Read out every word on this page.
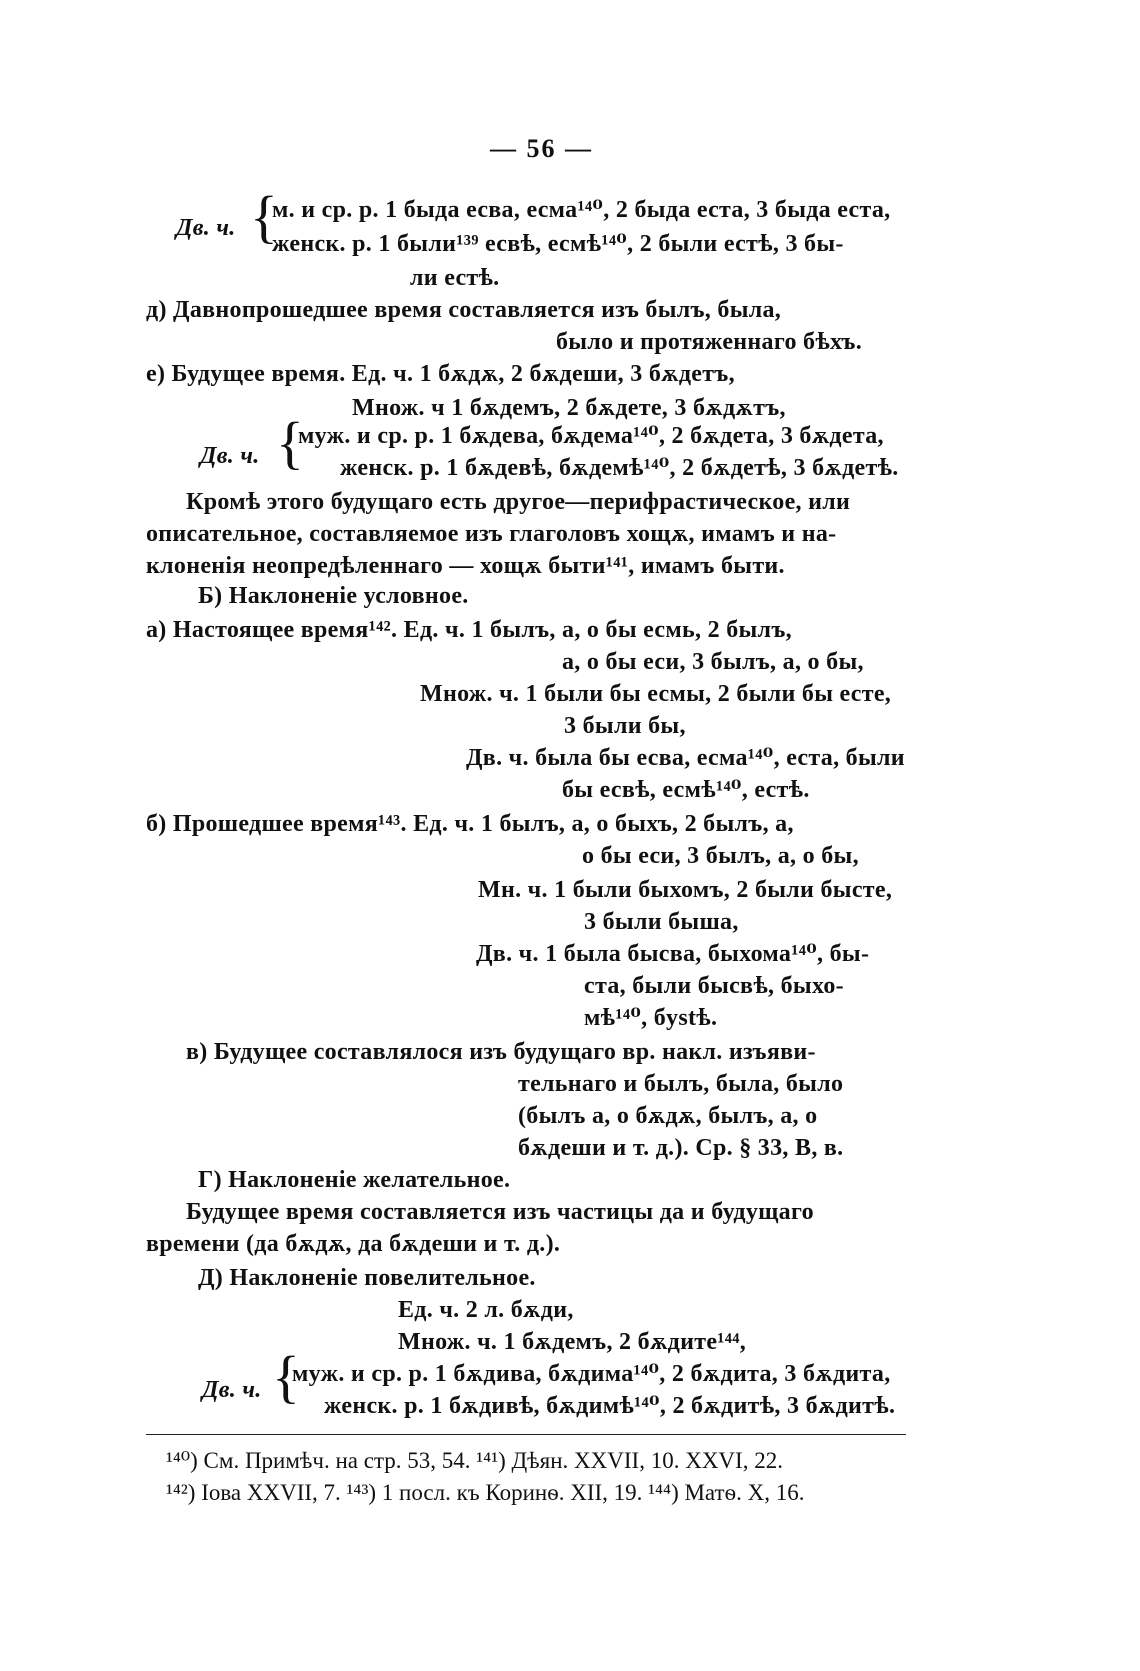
— 56 —
Дв. ч. {
м. и ср. р. 1 быда есва, есма¹⁴⁰, 2 быда еста, 3 быда еста,
женск. р. 1 были¹³⁹ есвѣ, есмѣ¹⁴⁰, 2 были естѣ, 3 бы-
ли естѣ.
д) Давнопрошедшее время составляется изъ былъ, была,
было и протяженнаго бѣхъ.
е) Будущее время. Ед. ч. 1 бѫдѫ, 2 бѫдеши, 3 бѫдетъ,
Множ. ч 1 бѫдемъ, 2 бѫдете, 3 бѫдѫтъ,
Дв. ч. {
муж. и ср. р. 1 бѫдева, бѫдема¹⁴⁰, 2 бѫдета, 3 бѫдета,
женск. р. 1 бѫдевѣ, бѫдемѣ¹⁴⁰, 2 бѫдетѣ, 3 бѫдетѣ.
Кромѣ этого будущаго есть другое—перифрастическое, или
описательное, составляемое изъ глаголовъ хощѫ, имамъ и на-
клоненія неопредѣленнаго — хощѫ быти¹⁴¹, имамъ быти.
Б) Наклоненіе условное.
а) Настоящее время¹⁴². Ед. ч. 1 былъ, а, о бы есмь, 2 былъ,
а, о бы еси, 3 былъ, а, о бы,
Множ. ч. 1 были бы есмы, 2 были бы есте,
3 были бы,
Дв. ч. была бы есва, есма¹⁴⁰, еста, были
бы есвѣ, есмѣ¹⁴⁰, естѣ.
б) Прошедшее время¹⁴³. Ед. ч. 1 былъ, а, о быхъ, 2 былъ, а,
о бы еси, 3 былъ, а, о бы,
Мн. ч. 1 были быхомъ, 2 были бысте,
3 были быша,
Дв. ч. 1 была бысва, быхома¹⁴⁰, бы-
ста, были бысвѣ, быхо-
мѣ¹⁴⁰, бystѣ.
в) Будущее составлялося изъ будущаго вр. накл. изъяви-
тельнаго и былъ, была, было
(былъ а, о бѫдѫ, былъ, а, о
бѫдеши и т. д.). Ср. § 33, В, в.
Г) Наклоненіе желательное.
Будущее время составляется изъ частицы да и будущаго
времени (да бѫдѫ, да бѫдеши и т. д.).
Д) Наклоненіе повелительное.
Ед. ч. 2 л. бѫди,
Множ. ч. 1 бѫдемъ, 2 бѫдите¹⁴⁴,
Дв. ч. {
муж. и ср. р. 1 бѫдива, бѫдима¹⁴⁰, 2 бѫдита, 3 бѫдита,
женск. р. 1 бѫдивѣ, бѫдимѣ¹⁴⁰, 2 бѫдитѣ, 3 бѫдитѣ.
¹⁴⁰) См. Примѣч. на стр. 53, 54. ¹⁴¹) Дѣян. XXVII, 10. XXVI, 22.
¹⁴²) Іова XXVII, 7. ¹⁴³) 1 посл. къ Коринѳ. XII, 19. ¹⁴⁴) Матѳ. X, 16.
